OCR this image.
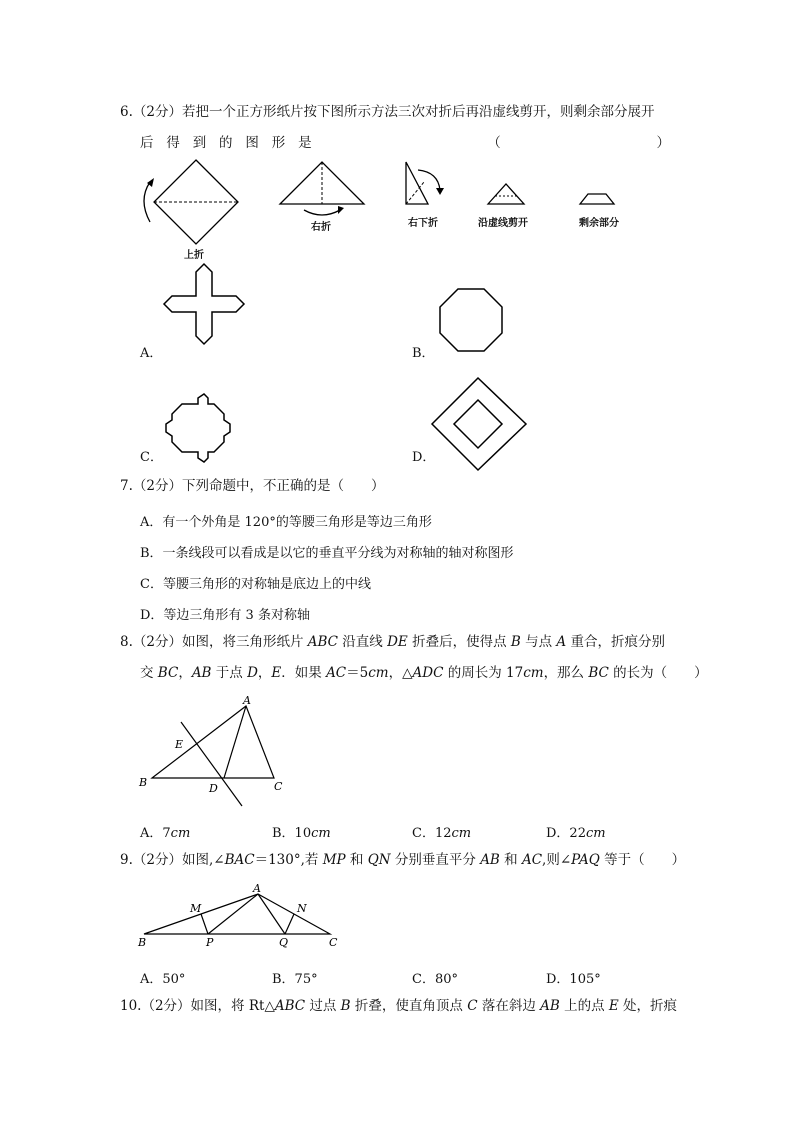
6.（2分）若把一个正方形纸片按下图所示方法三次对折后再沿虚线剪开，则剩余部分展开
后 得 到 的 图 形 是	（	）
上折
右折	右下折	沿虚线剪开	剩余部分
A．	B．
C．	D．
7.（2分）下列命题中，不正确的是（　　）
A．有一个外角是 120°的等腰三角形是等边三角形
B．一条线段可以看成是以它的垂直平分线为对称轴的轴对称图形
C．等腰三角形的对称轴是底边上的中线
D．等边三角形有 3 条对称轴
8.（2分）如图，将三角形纸片 ABC 沿直线 DE 折叠后，使得点 B 与点 A 重合，折痕分别
交 BC，AB 于点 D，E．如果 AC＝5cm，△ADC 的周长为 17cm，那么 BC 的长为（　　）
A
E
B	D	C
A．7cm	B．10cm	C．12cm	D．22cm
9.（2分）如图,∠BAC＝130°,若 MP 和 QN 分别垂直平分 AB 和 AC,则∠PAQ 等于（　　）
A
M	N
B	P	Q	C
A．50°	B．75°	C．80°	D．105°
10.（2分）如图，将 Rt△ABC 过点 B 折叠，使直角顶点 C 落在斜边 AB 上的点 E 处，折痕
